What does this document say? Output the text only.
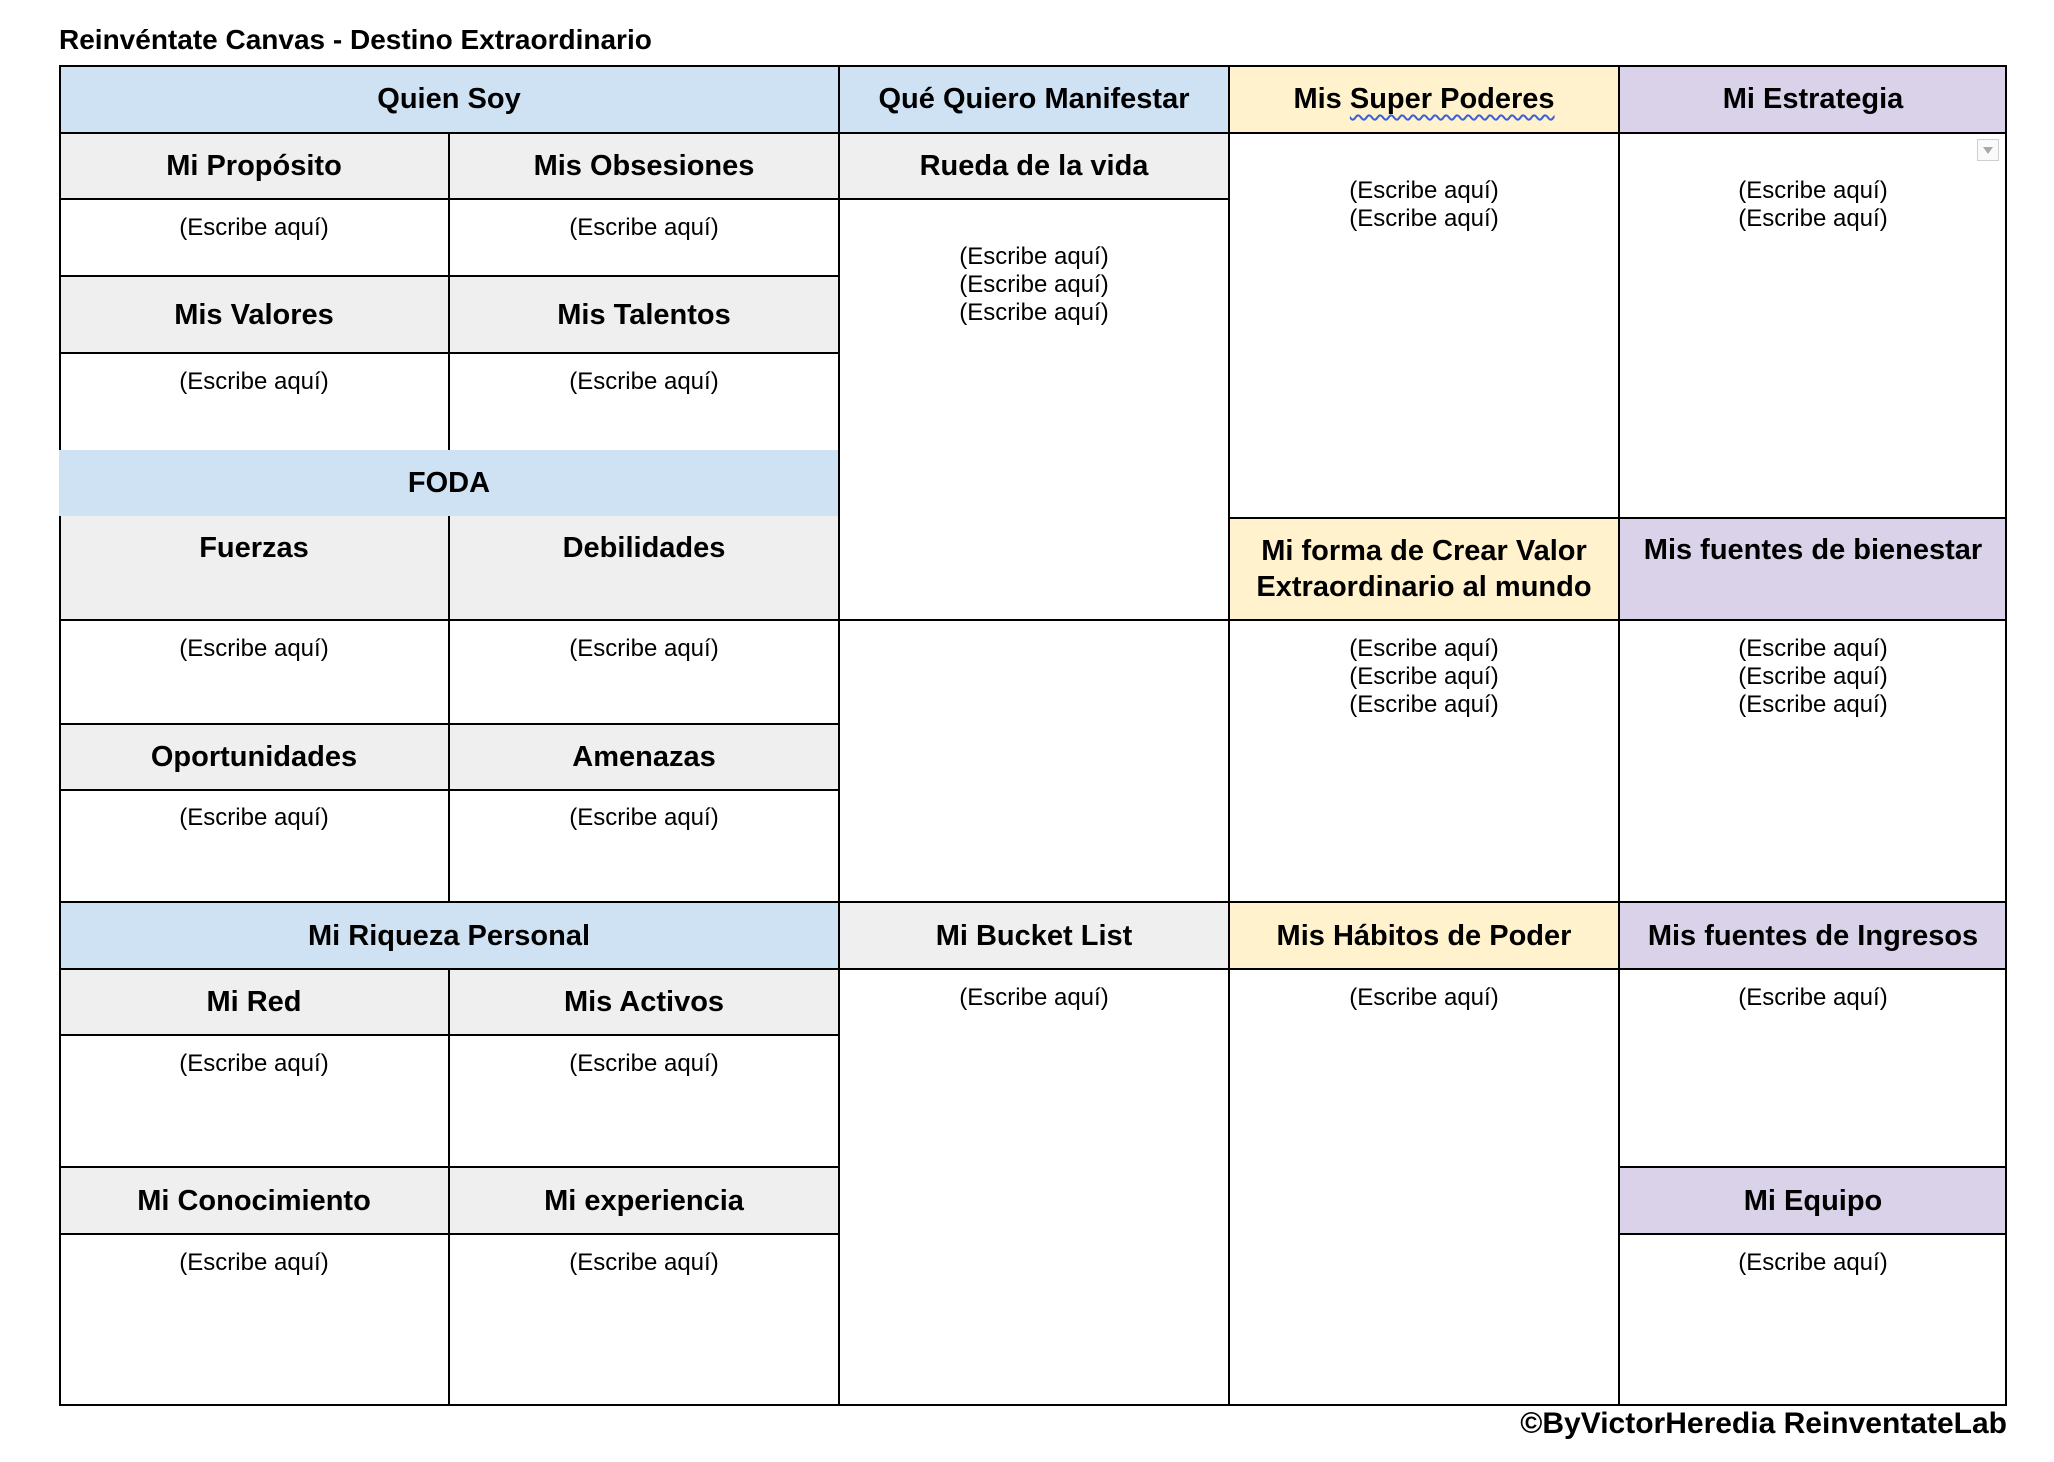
Reinvéntate Canvas - Destino Extraordinario
Quien Soy
Mi Propósito	Mis Obsesiones
(Escribe aquí)	(Escribe aquí)
Mis Valores	Mis Talentos
(Escribe aquí)	(Escribe aquí)
FODA
Fuerzas	Debilidades
(Escribe aquí)	(Escribe aquí)
Oportunidades	Amenazas
(Escribe aquí)	(Escribe aquí)
Qué Quiero Manifestar
Rueda de la vida
(Escribe aquí)
(Escribe aquí)
(Escribe aquí)
Mis Super Poderes
(Escribe aquí)
(Escribe aquí)
Mi Estrategia
(Escribe aquí)
(Escribe aquí)
Mi forma de Crear Valor
Extraordinario al mundo
(Escribe aquí)
(Escribe aquí)
(Escribe aquí)
Mis fuentes de bienestar
(Escribe aquí)
(Escribe aquí)
(Escribe aquí)
Mi Riqueza Personal
Mi Red	Mis Activos
(Escribe aquí)	(Escribe aquí)
Mi Conocimiento	Mi experiencia
(Escribe aquí)	(Escribe aquí)
Mi Bucket List
(Escribe aquí)
Mis Hábitos de Poder
(Escribe aquí)
Mis fuentes de Ingresos
(Escribe aquí)
Mi Equipo
(Escribe aquí)
©ByVictorHeredia ReinventateLab
